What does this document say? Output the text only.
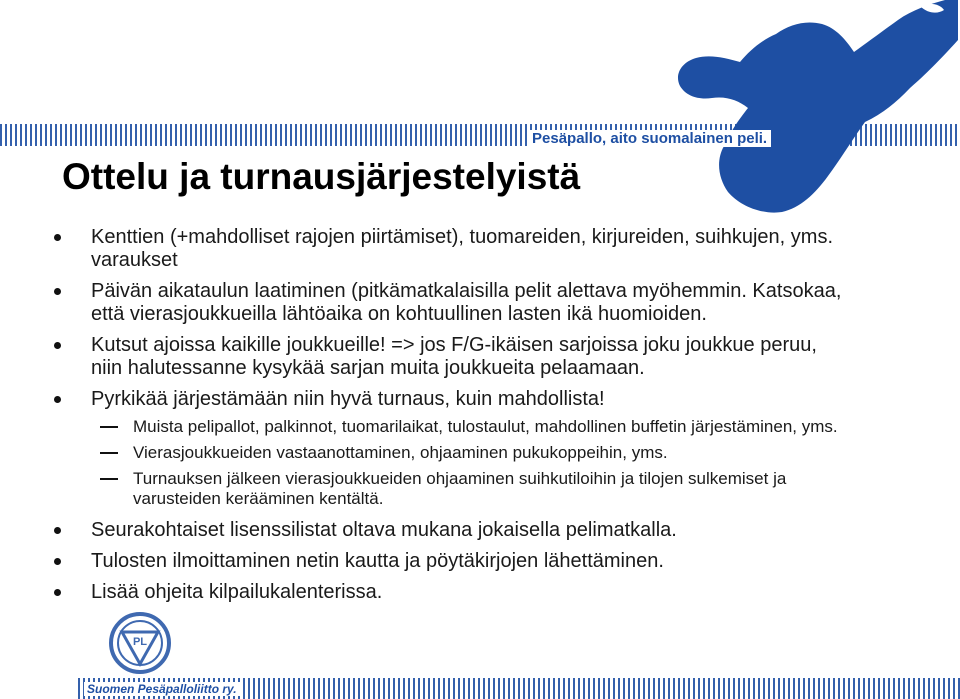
Pesäpallo, aito suomalainen peli.
Ottelu ja turnausjärjestelyistä

Kenttien (+mahdolliset rajojen piirtämiset), tuomareiden, kirjureiden, suihkujen, yms. varaukset

Päivän aikataulun laatiminen (pitkämatkalaisilla pelit alettava myöhemmin. Katsokaa, että vierasjoukkueilla lähtöaika on kohtuullinen lasten ikä huomioiden.

Kutsut ajoissa kaikille joukkueille! => jos F/G-ikäisen sarjoissa joku joukkue peruu, niin halutessanne kysykää sarjan muita joukkueita pelaamaan.

Pyrkikää järjestämään niin hyvä turnaus, kuin mahdollista!

Muista pelipallot, palkinnot, tuomarilaikat, tulostaulut, mahdollinen buffetin järjestäminen, yms.

Vierasjoukkueiden vastaanottaminen, ohjaaminen pukukoppeihin, yms.

Turnauksen jälkeen vierasjoukkueiden ohjaaminen suihkutiloihin ja tilojen sulkemiset ja varusteiden kerääminen kentältä.

Seurakohtaiset lisenssilistat oltava mukana jokaisella pelimatkalla.

Tulosten ilmoittaminen netin kautta ja pöytäkirjojen lähettäminen.

Lisää ohjeita kilpailukalenterissa.

PL
Suomen Pesäpalloliitto ry.
